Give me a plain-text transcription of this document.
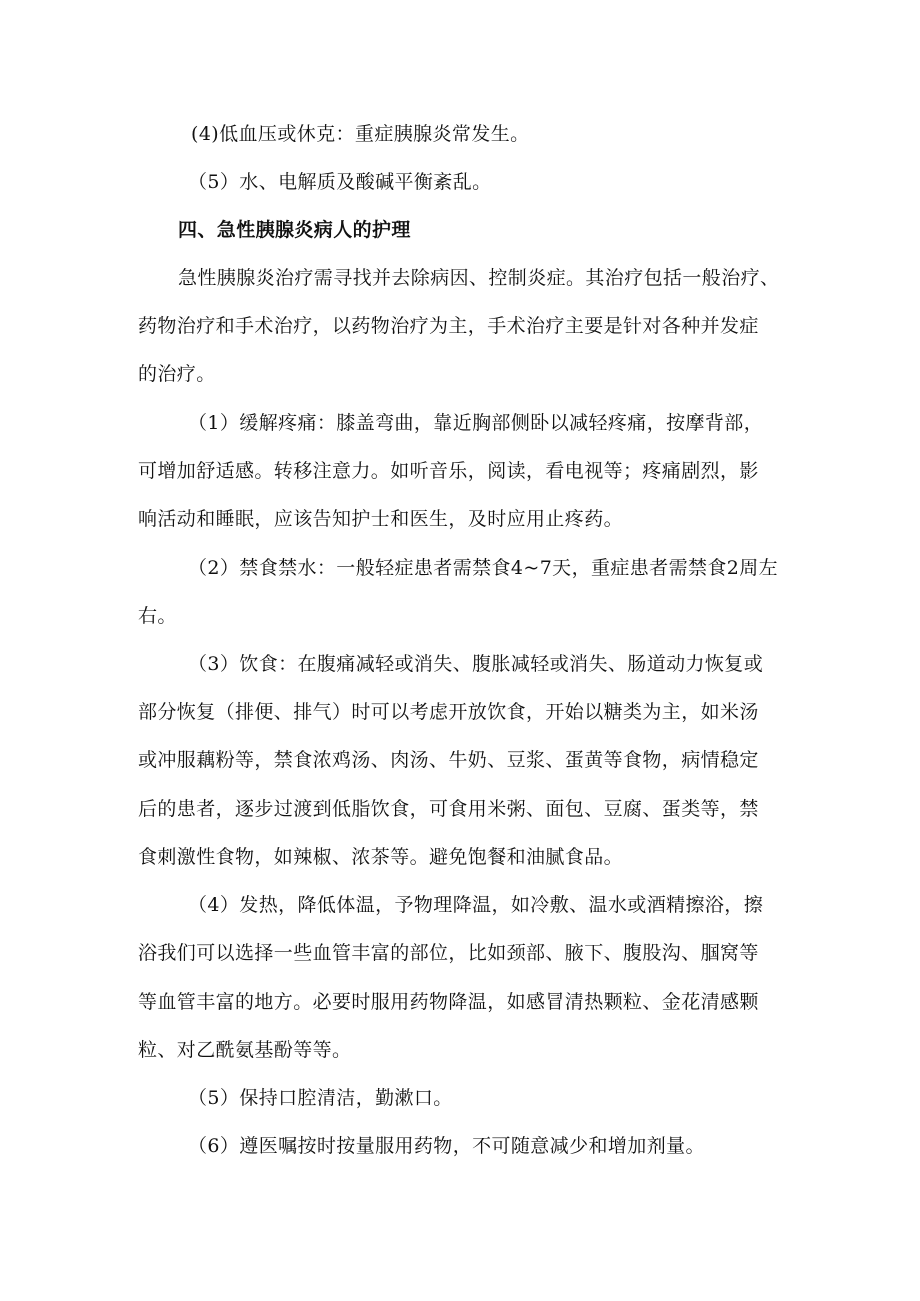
(4)低血压或休克：重症胰腺炎常发生。
（5）水、电解质及酸碱平衡紊乱。
四、急性胰腺炎病人的护理
急性胰腺炎治疗需寻找并去除病因、控制炎症。其治疗包括一般治疗、
药物治疗和手术治疗，以药物治疗为主，手术治疗主要是针对各种并发症
的治疗。
（1）缓解疼痛：膝盖弯曲，靠近胸部侧卧以减轻疼痛，按摩背部，
可增加舒适感。转移注意力。如听音乐，阅读，看电视等；疼痛剧烈，影
响活动和睡眠，应该告知护士和医生，及时应用止疼药。
（2）禁食禁水：一般轻症患者需禁食4~7天，重症患者需禁食2周左
右。
（3）饮食：在腹痛减轻或消失、腹胀减轻或消失、肠道动力恢复或
部分恢复（排便、排气）时可以考虑开放饮食，开始以糖类为主，如米汤
或冲服藕粉等，禁食浓鸡汤、肉汤、牛奶、豆浆、蛋黄等食物，病情稳定
后的患者，逐步过渡到低脂饮食，可食用米粥、面包、豆腐、蛋类等，禁
食刺激性食物，如辣椒、浓茶等。避免饱餐和油腻食品。
（4）发热，降低体温，予物理降温，如冷敷、温水或酒精擦浴，擦
浴我们可以选择一些血管丰富的部位，比如颈部、腋下、腹股沟、腘窝等
等血管丰富的地方。必要时服用药物降温，如感冒清热颗粒、金花清感颗
粒、对乙酰氨基酚等等。
（5）保持口腔清洁，勤漱口。
（6）遵医嘱按时按量服用药物，不可随意减少和增加剂量。
